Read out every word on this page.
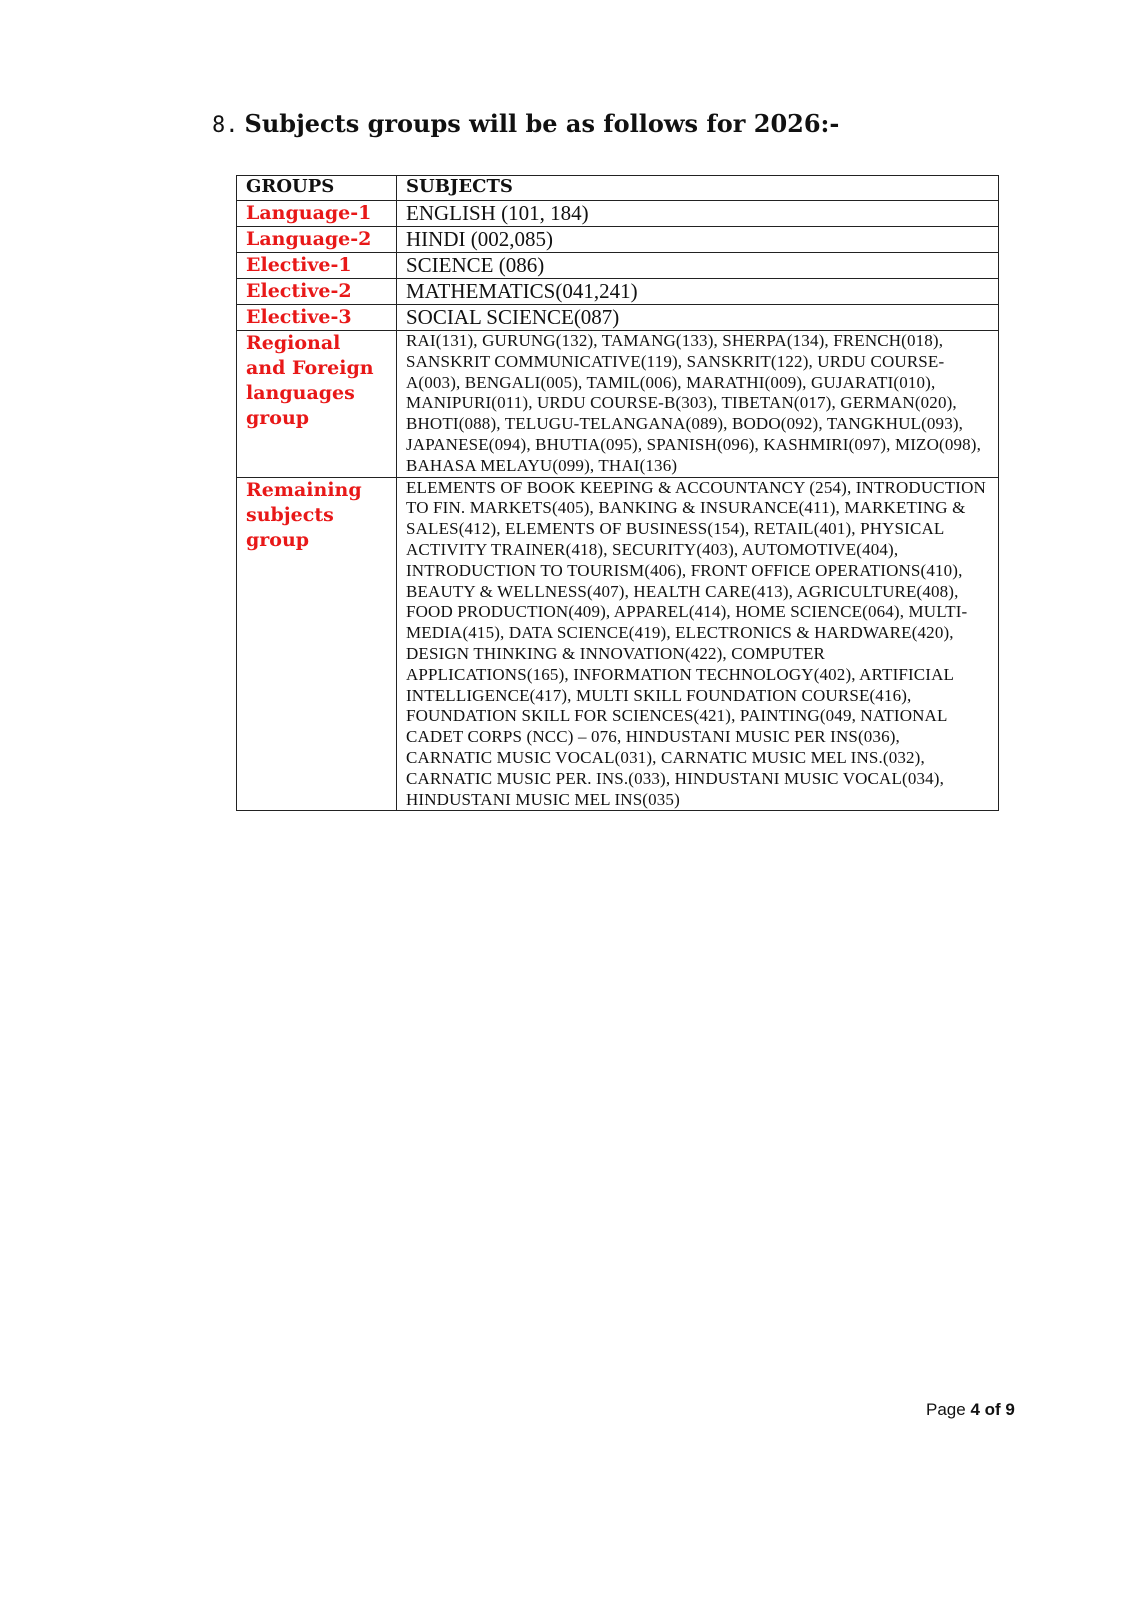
8. Subjects groups will be as follows for 2026:-
GROUPS	SUBJECTS
Language-1	ENGLISH (101, 184)
Language-2	HINDI (002,085)
Elective-1	SCIENCE (086)
Elective-2	MATHEMATICS(041,241)
Elective-3	SOCIAL SCIENCE(087)
Regional and Foreign languages group	RAI(131), GURUNG(132), TAMANG(133), SHERPA(134), FRENCH(018), SANSKRIT COMMUNICATIVE(119), SANSKRIT(122), URDU COURSE-A(003), BENGALI(005), TAMIL(006), MARATHI(009), GUJARATI(010), MANIPURI(011), URDU COURSE-B(303), TIBETAN(017), GERMAN(020), BHOTI(088), TELUGU-TELANGANA(089), BODO(092), TANGKHUL(093), JAPANESE(094), BHUTIA(095), SPANISH(096), KASHMIRI(097), MIZO(098), BAHASA MELAYU(099), THAI(136)
Remaining subjects group	ELEMENTS OF BOOK KEEPING & ACCOUNTANCY (254), INTRODUCTION TO FIN. MARKETS(405), BANKING & INSURANCE(411), MARKETING & SALES(412), ELEMENTS OF BUSINESS(154), RETAIL(401), PHYSICAL ACTIVITY TRAINER(418), SECURITY(403), AUTOMOTIVE(404), INTRODUCTION TO TOURISM(406), FRONT OFFICE OPERATIONS(410), BEAUTY & WELLNESS(407), HEALTH CARE(413), AGRICULTURE(408), FOOD PRODUCTION(409), APPAREL(414), HOME SCIENCE(064), MULTI-MEDIA(415), DATA SCIENCE(419), ELECTRONICS & HARDWARE(420), DESIGN THINKING & INNOVATION(422), COMPUTER APPLICATIONS(165), INFORMATION TECHNOLOGY(402), ARTIFICIAL INTELLIGENCE(417), MULTI SKILL FOUNDATION COURSE(416), FOUNDATION SKILL FOR SCIENCES(421), PAINTING(049, NATIONAL CADET CORPS (NCC) – 076, HINDUSTANI MUSIC PER INS(036), CARNATIC MUSIC VOCAL(031), CARNATIC MUSIC MEL INS.(032), CARNATIC MUSIC PER. INS.(033), HINDUSTANI MUSIC VOCAL(034), HINDUSTANI MUSIC MEL INS(035)
Page 4 of 9
